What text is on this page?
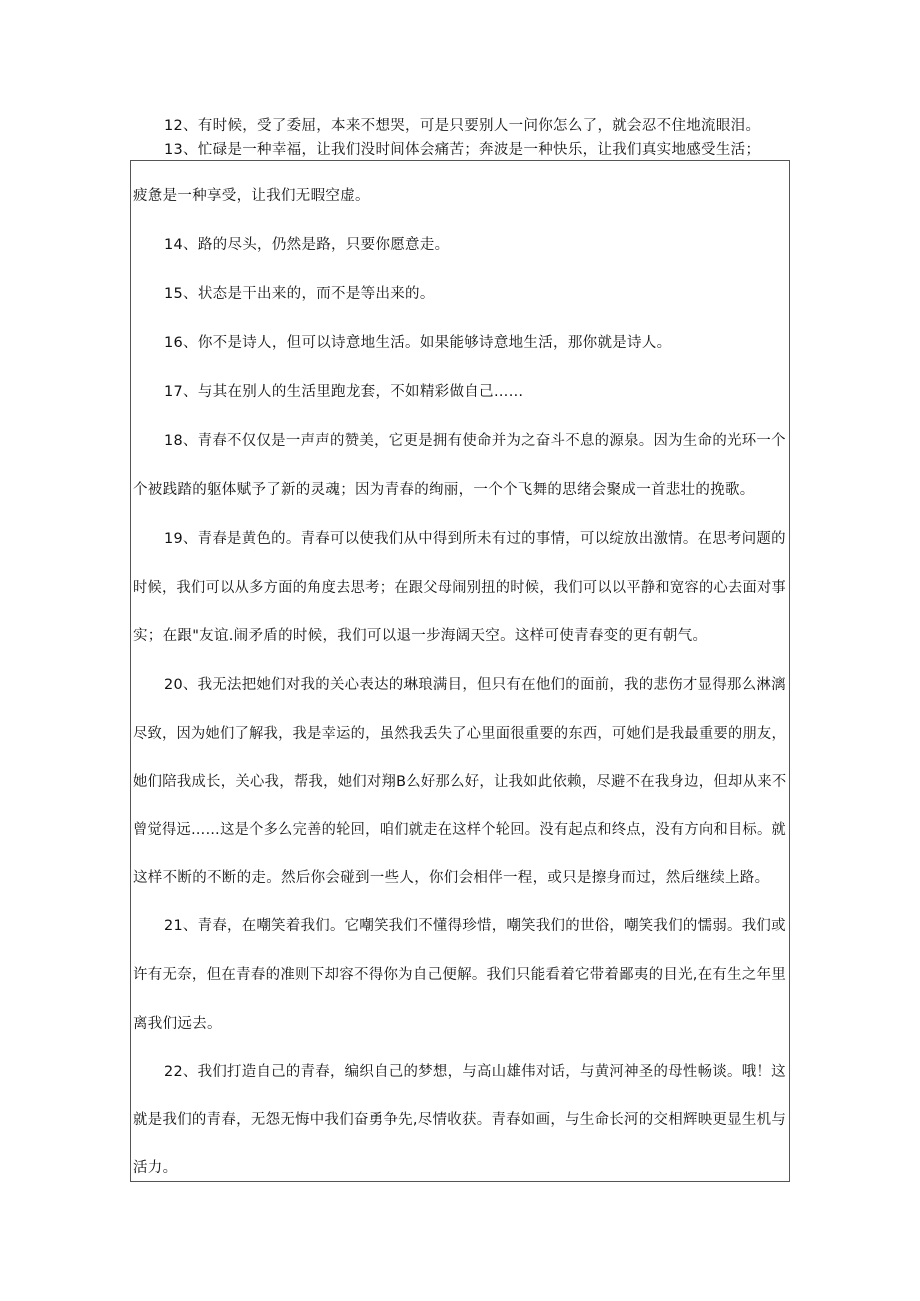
12、有时候，受了委屈，本来不想哭，可是只要别人一问你怎么了，就会忍不住地流眼泪。
13、忙碌是一种幸福，让我们没时间体会痛苦；奔波是一种快乐，让我们真实地感受生活；
疲惫是一种享受，让我们无暇空虚。
14、路的尽头，仍然是路，只要你愿意走。
15、状态是干出来的，而不是等出来的。
16、你不是诗人，但可以诗意地生活。如果能够诗意地生活，那你就是诗人。
17、与其在别人的生活里跑龙套，不如精彩做自己……
18、青春不仅仅是一声声的赞美，它更是拥有使命并为之奋斗不息的源泉。因为生命的光环一个
个被践踏的躯体赋予了新的灵魂；因为青春的绚丽，一个个飞舞的思绪会聚成一首悲壮的挽歌。
19、青春是黄色的。青春可以使我们从中得到所未有过的事情，可以绽放出激情。在思考问题的
时候，我们可以从多方面的角度去思考；在跟父母闹别扭的时候，我们可以以平静和宽容的心去面对事
实；在跟"友谊.闹矛盾的时候，我们可以退一步海阔天空。这样可使青春变的更有朝气。
20、我无法把她们对我的关心表达的琳琅满目，但只有在他们的面前，我的悲伤才显得那么淋漓
尽致，因为她们了解我，我是幸运的，虽然我丢失了心里面很重要的东西，可她们是我最重要的朋友，
她们陪我成长，关心我，帮我，她们对翔B么好那么好，让我如此依赖，尽避不在我身边，但却从来不
曾觉得远……这是个多么完善的轮回，咱们就走在这样个轮回。没有起点和终点，没有方向和目标。就
这样不断的不断的走。然后你会碰到一些人，你们会相伴一程，或只是擦身而过，然后继续上路。
21、青春，在嘲笑着我们。它嘲笑我们不懂得珍惜，嘲笑我们的世俗，嘲笑我们的懦弱。我们或
许有无奈，但在青春的准则下却容不得你为自己便解。我们只能看着它带着鄙夷的目光,在有生之年里
离我们远去。
22、我们打造自己的青春，编织自己的梦想，与高山雄伟对话，与黄河神圣的母性畅谈。哦！这
就是我们的青春，无怨无悔中我们奋勇争先,尽情收获。青春如画，与生命长河的交相辉映更显生机与
活力。
